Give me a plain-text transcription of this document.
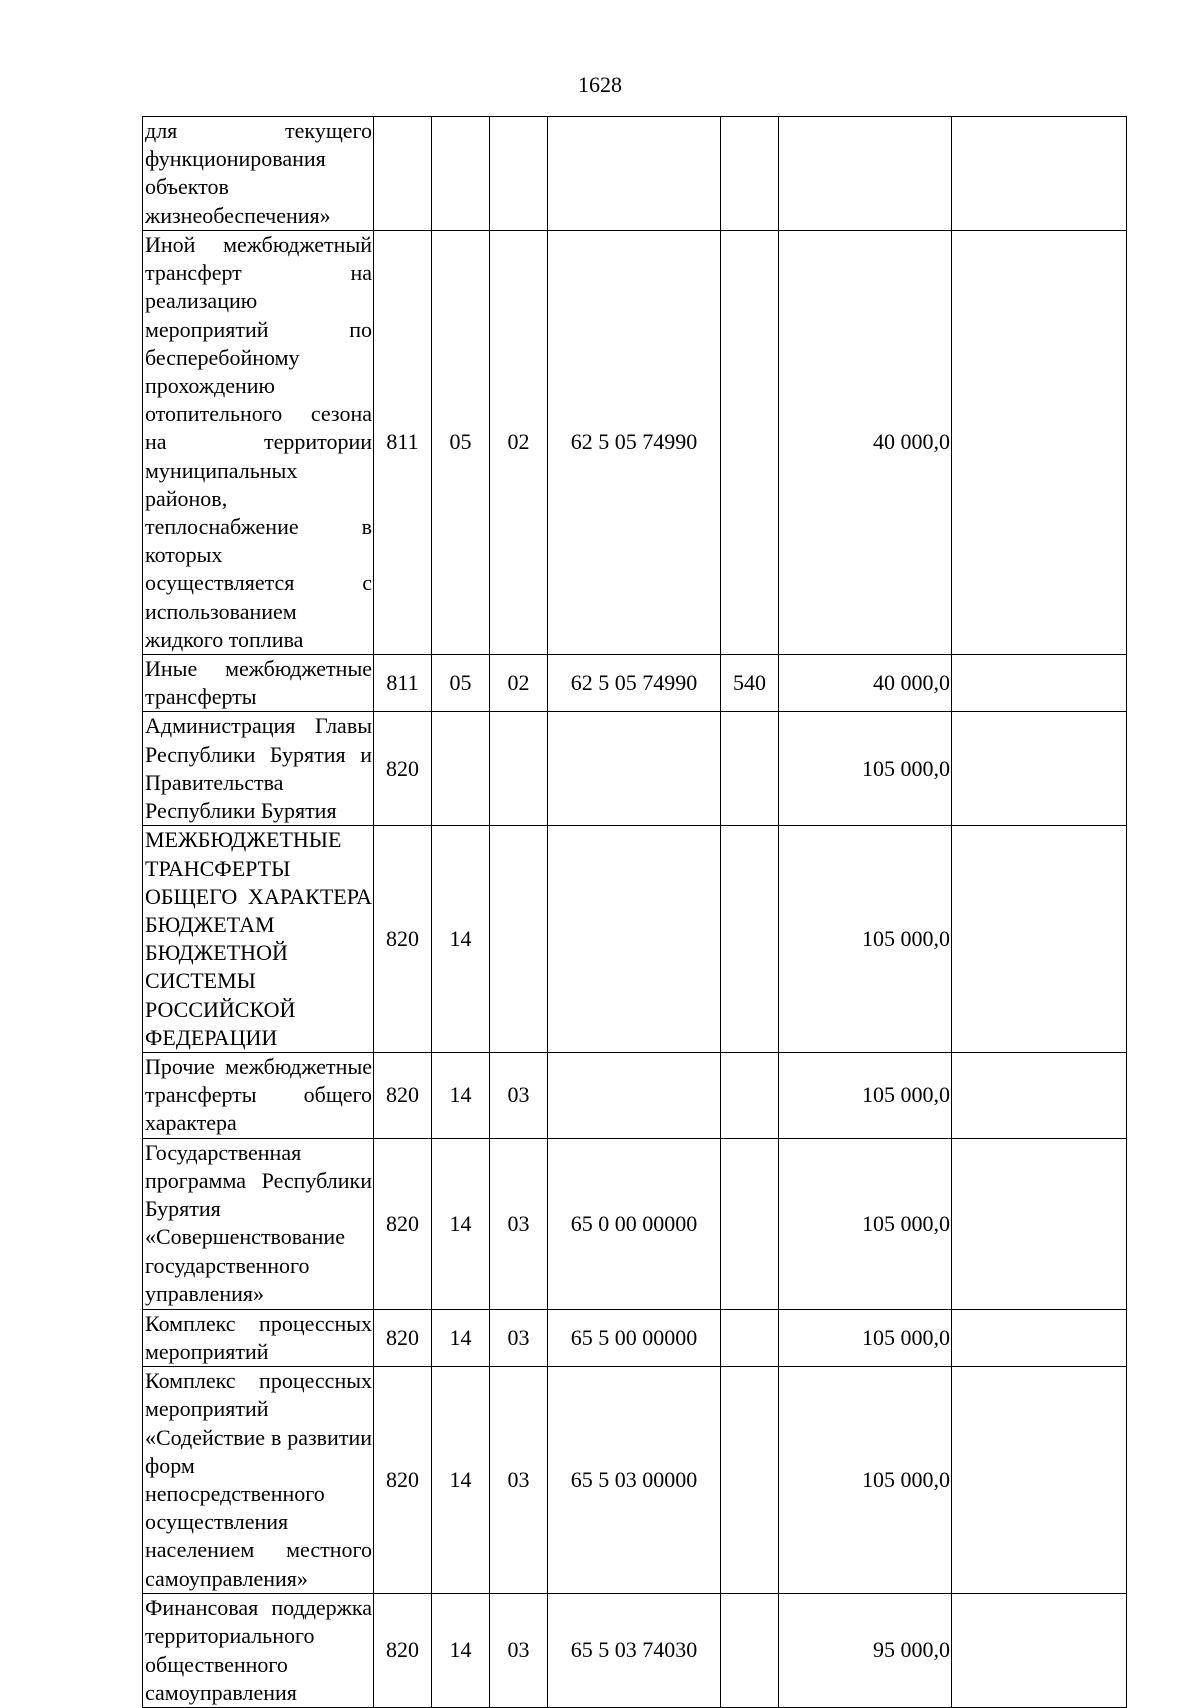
1628
для текущего функционирования объектов жизнеобеспечения»							
Иной межбюджетный трансферт на реализацию мероприятий по бесперебойному прохождению отопительного сезона на территории муниципальных районов, теплоснабжение в которых осуществляется с использованием жидкого топлива	811	05	02	62 5 05 74990		40 000,0	
Иные межбюджетные трансферты	811	05	02	62 5 05 74990	540	40 000,0	
Администрация Главы Республики Бурятия и Правительства Республики Бурятия	820					105 000,0	
МЕЖБЮДЖЕТНЫЕ ТРАНСФЕРТЫ ОБЩЕГО ХАРАКТЕРА БЮДЖЕТАМ БЮДЖЕТНОЙ СИСТЕМЫ РОССИЙСКОЙ ФЕДЕРАЦИИ	820	14				105 000,0	
Прочие межбюджетные трансферты общего характера	820	14	03			105 000,0	
Государственная программа Республики Бурятия «Совершенствование государственного управления»	820	14	03	65 0 00 00000		105 000,0	
Комплекс процессных мероприятий	820	14	03	65 5 00 00000		105 000,0	
Комплекс процессных мероприятий «Содействие в развитии форм непосредственного осуществления населением местного самоуправления»	820	14	03	65 5 03 00000		105 000,0	
Финансовая поддержка территориального общественного самоуправления	820	14	03	65 5 03 74030		95 000,0	
